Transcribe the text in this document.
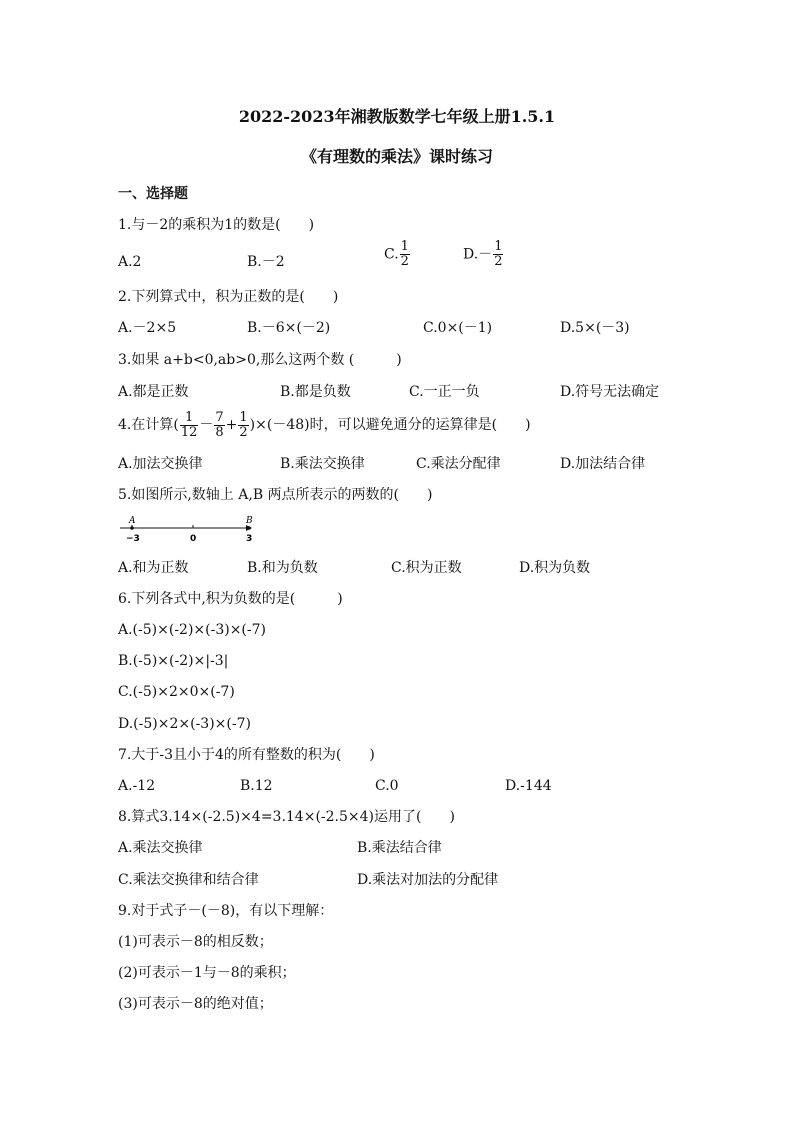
2022-2023年湘教版数学七年级上册1.5.1
《有理数的乘法》课时练习
一、选择题
1.与－2的乘积为1的数是(　　)
A.2	B.－2	C. $\frac{1}{2}$	$D.- \frac{1}{2}$
2.下列算式中，积为正数的是(　　)
A.－2×5	B.－6×(－2)	C.0×(－1)	D.5×(－3)
3.如果 a+b<0,ab>0,那么这两个数 (　　　)
A.都是正数	B.都是负数	C.一正一负	D.符号无法确定
4.在计算( $\frac{1}{12} - \frac{7}{8} + \frac{1}{2} )\times(-48)$时，可以避免通分的运算律是(　　)
A.加法交换律	B.乘法交换律	C.乘法分配律	D.加法结合律
5.如图所示,数轴上 A,B 两点所表示的两数的(　　)
A	B
−3	0	3
A.和为正数	B.和为负数	C.积为正数	D.积为负数
6.下列各式中,积为负数的是(　　　)
A.(-5)×(-2)×(-3)×(-7)
B.(-5)×(-2)×|-3|
C.(-5)×2×0×(-7)
D.(-5)×2×(-3)×(-7)
7.大于-3且小于4的所有整数的积为(　　)
A.-12	B.12	C.0	D.-144
8.算式3.14×(-2.5)×4=3.14×(-2.5×4)运用了(　　)
A.乘法交换律	B.乘法结合律
C.乘法交换律和结合律	D.乘法对加法的分配律
9.对于式子－(－8)，有以下理解：
(1)可表示－8的相反数；
(2)可表示－1与－8的乘积；
(3)可表示－8的绝对值；
